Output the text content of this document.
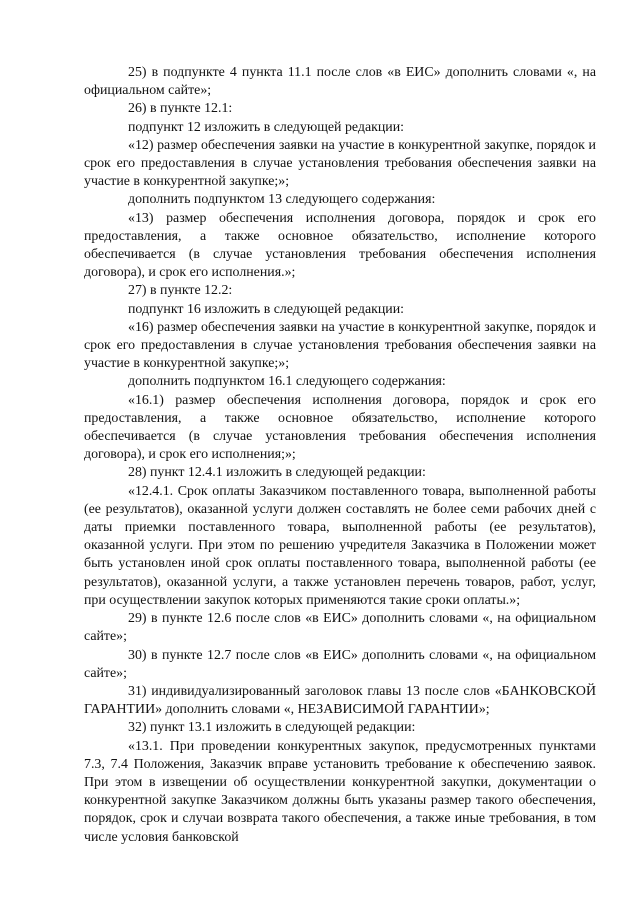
25) в подпункте 4 пункта 11.1 после слов «в ЕИС» дополнить словами «, на официальном сайте»;

26) в пункте 12.1:

подпункт 12 изложить в следующей редакции:

«12) размер обеспечения заявки на участие в конкурентной закупке, порядок и срок его предоставления в случае установления требования обеспечения заявки на участие в конкурентной закупке;»;

дополнить подпунктом 13 следующего содержания:

«13) размер обеспечения исполнения договора, порядок и срок его предоставления, а также основное обязательство, исполнение которого обеспечивается (в случае установления требования обеспечения исполнения договора), и срок его исполнения.»;

27) в пункте 12.2:

подпункт 16 изложить в следующей редакции:

«16) размер обеспечения заявки на участие в конкурентной закупке, порядок и срок его предоставления в случае установления требования обеспечения заявки на участие в конкурентной закупке;»;

дополнить подпунктом 16.1 следующего содержания:

«16.1) размер обеспечения исполнения договора, порядок и срок его предоставления, а также основное обязательство, исполнение которого обеспечивается (в случае установления требования обеспечения исполнения договора), и срок его исполнения;»;

28) пункт 12.4.1 изложить в следующей редакции:

«12.4.1. Срок оплаты Заказчиком поставленного товара, выполненной работы (ее результатов), оказанной услуги должен составлять не более семи рабочих дней с даты приемки поставленного товара, выполненной работы (ее результатов), оказанной услуги. При этом по решению учредителя Заказчика в Положении может быть установлен иной срок оплаты поставленного товара, выполненной работы (ее результатов), оказанной услуги, а также установлен перечень товаров, работ, услуг, при осуществлении закупок которых применяются такие сроки оплаты.»;

29) в пункте 12.6 после слов «в ЕИС» дополнить словами «, на официальном сайте»;

30) в пункте 12.7 после слов «в ЕИС» дополнить словами «, на официальном сайте»;

31) индивидуализированный заголовок главы 13 после слов «БАНКОВСКОЙ ГАРАНТИИ» дополнить словами «, НЕЗАВИСИМОЙ ГАРАНТИИ»;

32) пункт 13.1 изложить в следующей редакции:

«13.1. При проведении конкурентных закупок, предусмотренных пунктами 7.3, 7.4 Положения, Заказчик вправе установить требование к обеспечению заявок. При этом в извещении об осуществлении конкурентной закупки, документации о конкурентной закупке Заказчиком должны быть указаны размер такого обеспечения, порядок, срок и случаи возврата такого обеспечения, а также иные требования, в том числе условия банковской
